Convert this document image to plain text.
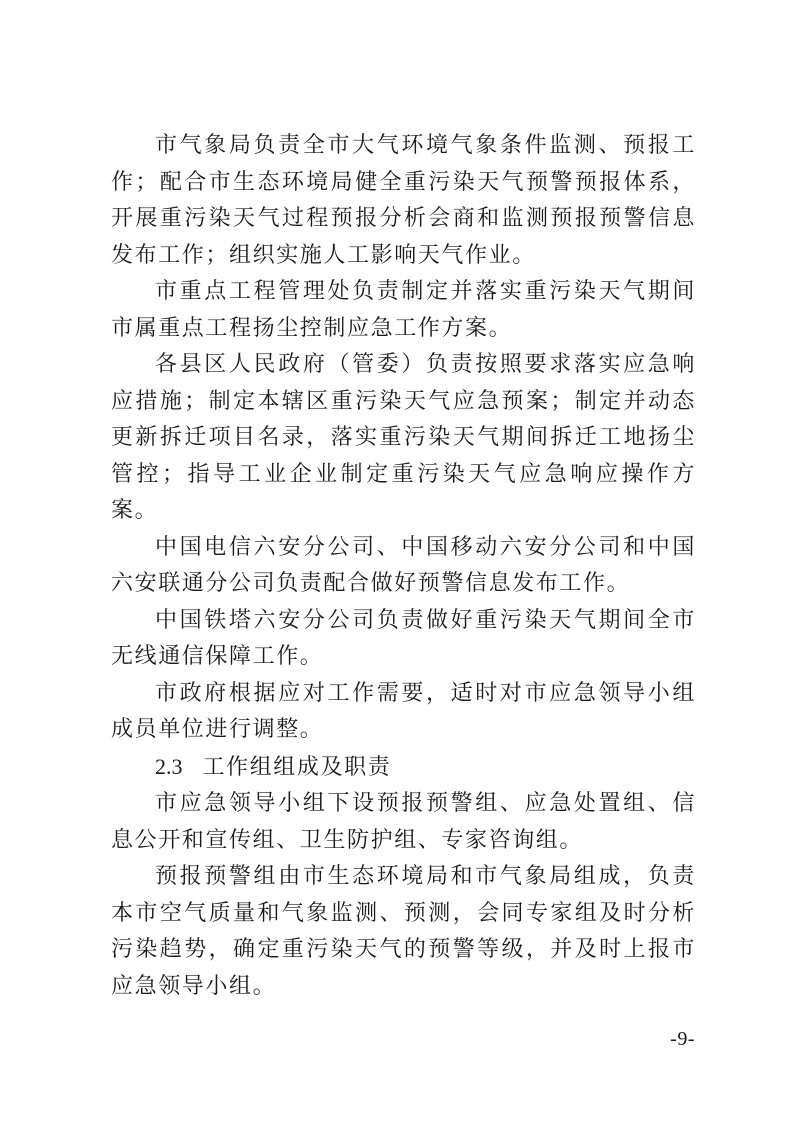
市气象局负责全市大气环境气象条件监测、预报工作；配合市生态环境局健全重污染天气预警预报体系，开展重污染天气过程预报分析会商和监测预报预警信息发布工作；组织实施人工影响天气作业。

市重点工程管理处负责制定并落实重污染天气期间市属重点工程扬尘控制应急工作方案。

各县区人民政府（管委）负责按照要求落实应急响应措施；制定本辖区重污染天气应急预案；制定并动态更新拆迁项目名录，落实重污染天气期间拆迁工地扬尘管控；指导工业企业制定重污染天气应急响应操作方案。

中国电信六安分公司、中国移动六安分公司和中国六安联通分公司负责配合做好预警信息发布工作。

中国铁塔六安分公司负责做好重污染天气期间全市无线通信保障工作。

市政府根据应对工作需要，适时对市应急领导小组成员单位进行调整。

2.3 工作组组成及职责

市应急领导小组下设预报预警组、应急处置组、信息公开和宣传组、卫生防护组、专家咨询组。

预报预警组由市生态环境局和市气象局组成，负责本市空气质量和气象监测、预测，会同专家组及时分析污染趋势，确定重污染天气的预警等级，并及时上报市应急领导小组。

-9-
